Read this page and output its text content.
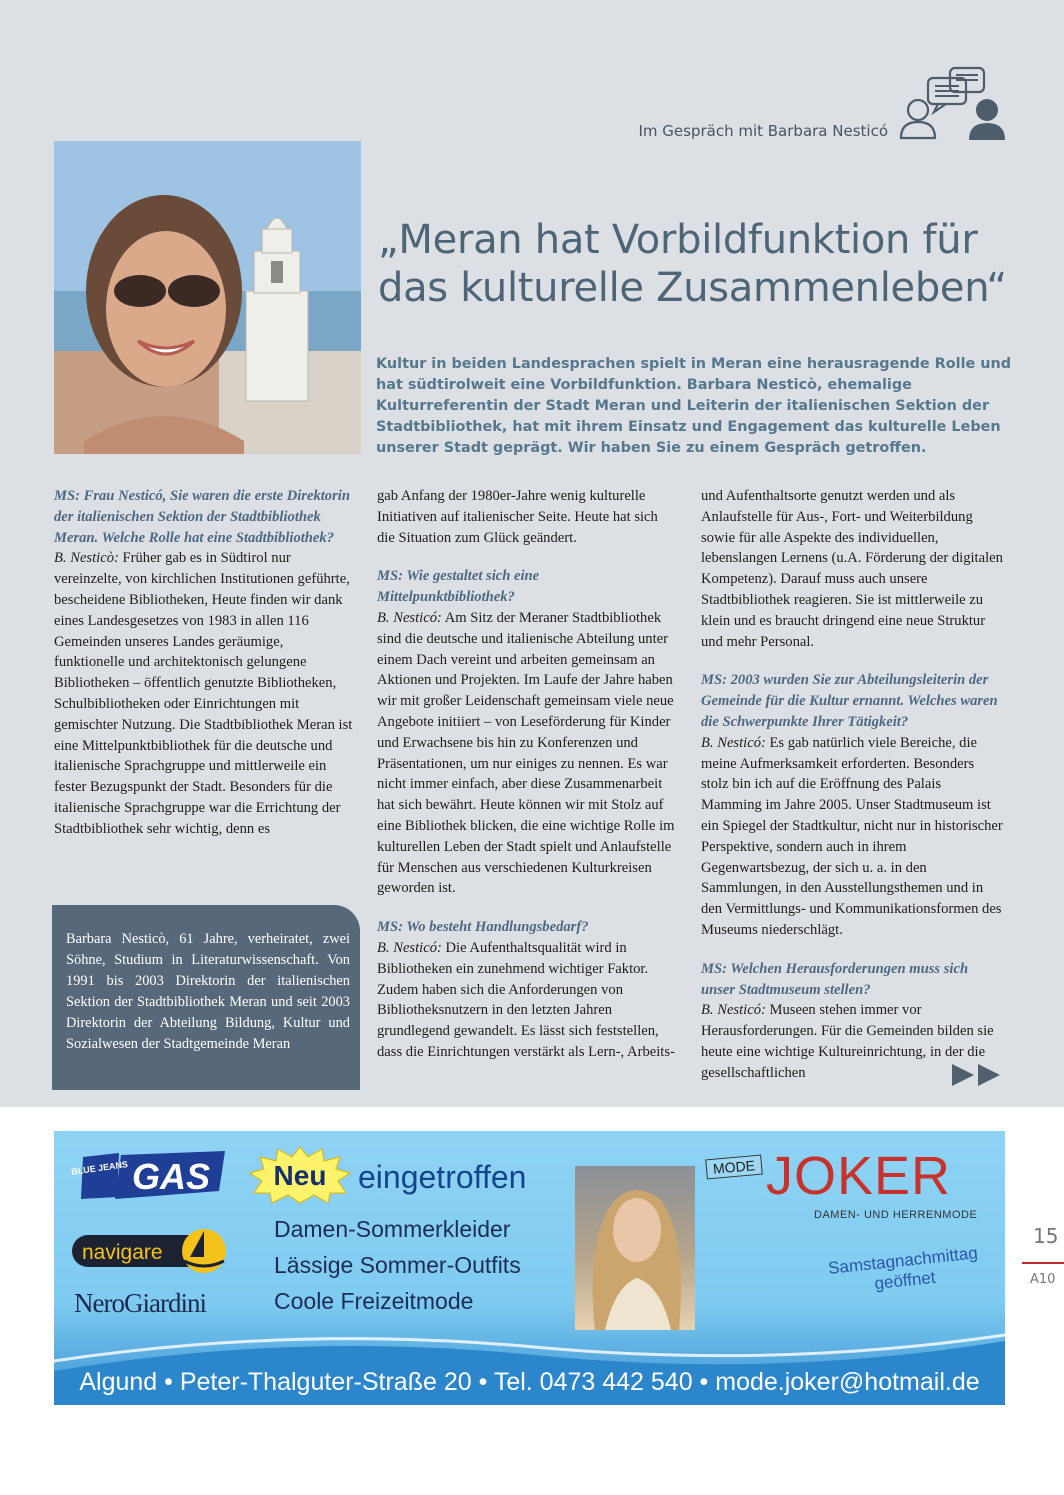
Im Gespräch mit Barbara Nesticó
„Meran hat Vorbildfunktion für
das kulturelle Zusammenleben“

Kultur in beiden Landesprachen spielt in Meran eine herausragende Rolle und hat südtirolweit eine Vorbildfunktion. Barbara Nesticò, ehemalige Kulturreferentin der Stadt Meran und Leiterin der italienischen Sektion der Stadtbibliothek, hat mit ihrem Einsatz und Engagement das kulturelle Leben unserer Stadt geprägt. Wir haben Sie zu einem Gespräch getroffen.

MS: Frau Nesticó, Sie waren die erste Direktorin der italienischen Sektion der Stadtbibliothek Meran. Welche Rolle hat eine Stadtbibliothek?
B. Nesticò: Früher gab es in Südtirol nur vereinzelte, von kirchlichen Institutionen geführte, bescheidene Bibliotheken, Heute finden wir dank eines Landesgesetzes von 1983 in allen 116 Gemeinden unseres Landes geräumige, funktionelle und architektonisch gelungene Bibliotheken – öffentlich genutzte Bibliotheken, Schulbibliotheken oder Einrichtungen mit gemischter Nutzung. Die Stadtbibliothek Meran ist eine Mittelpunktbibliothek für die deutsche und italienische Sprachgruppe und mittlerweile ein fester Bezugspunkt der Stadt. Besonders für die italienische Sprachgruppe war die Errichtung der Stadtbibliothek sehr wichtig, denn es

gab Anfang der 1980er-Jahre wenig kulturelle Initiativen auf italienischer Seite. Heute hat sich die Situation zum Glück geändert.

MS: Wie gestaltet sich eine Mittelpunktbibliothek?
B. Nesticó: Am Sitz der Meraner Stadtbibliothek sind die deutsche und italienische Abteilung unter einem Dach vereint und arbeiten gemeinsam an Aktionen und Projekten. Im Laufe der Jahre haben wir mit großer Leidenschaft gemeinsam viele neue Angebote initiiert – von Leseförderung für Kinder und Erwachsene bis hin zu Konferenzen und Präsentationen, um nur einiges zu nennen. Es war nicht immer einfach, aber diese Zusammenarbeit hat sich bewährt. Heute können wir mit Stolz auf eine Bibliothek blicken, die eine wichtige Rolle im kulturellen Leben der Stadt spielt und Anlaufstelle für Menschen aus verschiedenen Kulturkreisen geworden ist.

MS: Wo besteht Handlungsbedarf?
B. Nesticó: Die Aufenthaltsqualität wird in Bibliotheken ein zunehmend wichtiger Faktor. Zudem haben sich die Anforderungen von Bibliotheksnutzern in den letzten Jahren grundlegend gewandelt. Es lässt sich feststellen, dass die Einrichtungen verstärkt als Lern-, Arbeits-

und Aufenthaltsorte genutzt werden und als Anlaufstelle für Aus-, Fort- und Weiterbildung sowie für alle Aspekte des individuellen, lebenslangen Lernens (u.A. Förderung der digitalen Kompetenz). Darauf muss auch unsere Stadtbibliothek reagieren. Sie ist mittlerweile zu klein und es braucht dringend eine neue Struktur und mehr Personal.

MS: 2003 wurden Sie zur Abteilungsleiterin der Gemeinde für die Kultur ernannt. Welches waren die Schwerpunkte Ihrer Tätigkeit?
B. Nesticó: Es gab natürlich viele Bereiche, die meine Aufmerksamkeit erforderten. Besonders stolz bin ich auf die Eröffnung des Palais Mamming im Jahre 2005. Unser Stadtmuseum ist ein Spiegel der Stadtkultur, nicht nur in historischer Perspektive, sondern auch in ihrem Gegenwartsbezug, der sich u. a. in den Sammlungen, in den Ausstellungsthemen und in den Vermittlungs- und Kommunikationsformen des Museums niederschlägt.

MS: Welchen Herausforderungen muss sich unser Stadtmuseum stellen?
B. Nesticó: Museen stehen immer vor Herausforderungen. Für die Gemeinden bilden sie heute eine wichtige Kultureinrichtung, in der die gesellschaftlichen

Barbara Nesticò, 61 Jahre, verheiratet, zwei Söhne, Studium in Literaturwissenschaft. Von 1991 bis 2003 Direktorin der italienischen Sektion der Stadtbibliothek Meran und seit 2003 Direktorin der Abteilung Bildung, Kultur und Sozialwesen der Stadtgemeinde Meran
BLUE JEANS GAS
navigare
NeroGiardini
Neu eingetroffen
Damen-Sommerkleider
Lässige Sommer-Outfits
Coole Freizeitmode
MODE JOKER
DAMEN- UND HERRENMODE
Samstagnachmittag geöffnet
Algund • Peter-Thalguter-Straße 20 • Tel. 0473 442 540 • mode.joker@hotmail.de
15
A10
